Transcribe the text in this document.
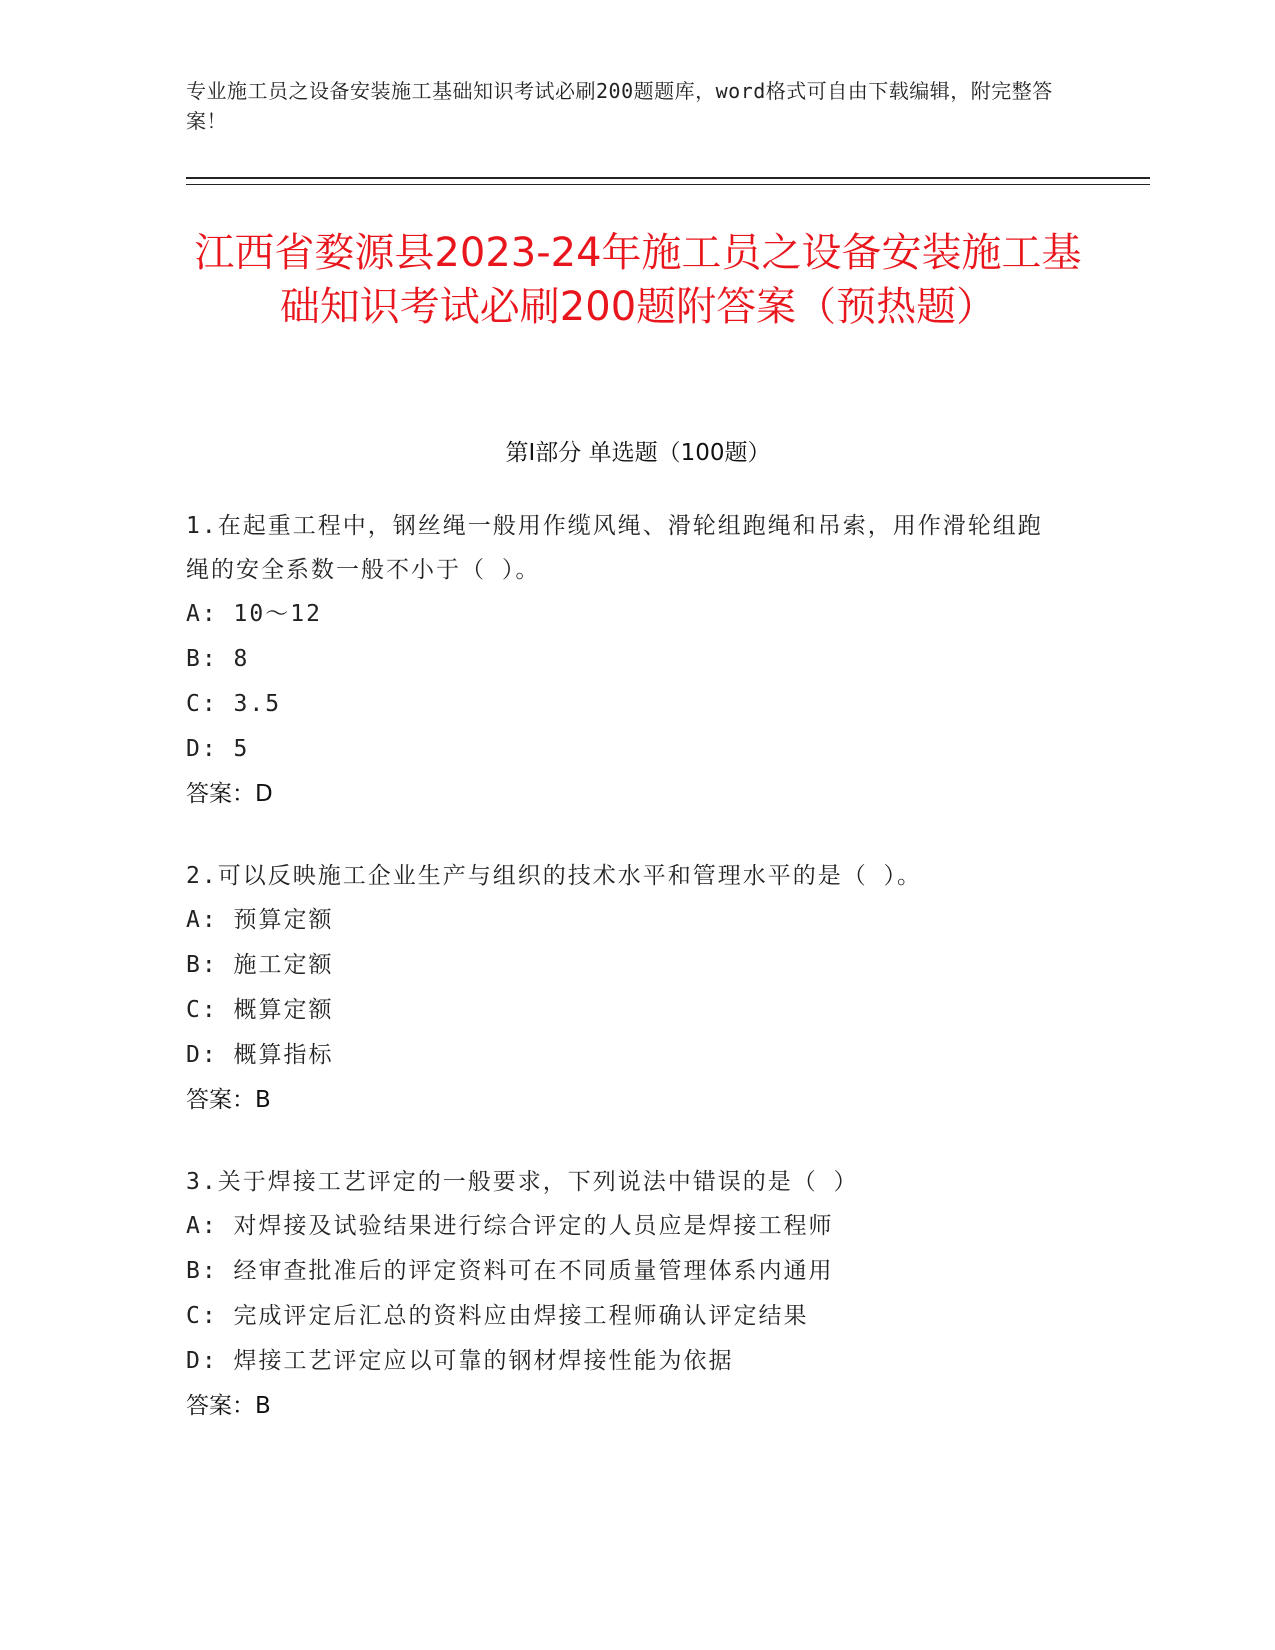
专业施工员之设备安装施工基础知识考试必刷200题题库，word格式可自由下载编辑，附完整答案！
江西省婺源县2023-24年施工员之设备安装施工基础知识考试必刷200题附答案（预热题）
第I部分 单选题（100题）

1.在起重工程中，钢丝绳一般用作缆风绳、滑轮组跑绳和吊索，用作滑轮组跑绳的安全系数一般不小于（ ）。

A: 10～12

B: 8

C: 3.5

D: 5

答案：D

2.可以反映施工企业生产与组织的技术水平和管理水平的是（ ）。

A: 预算定额

B: 施工定额

C: 概算定额

D: 概算指标

答案：B

3.关于焊接工艺评定的一般要求，下列说法中错误的是（ ）

A: 对焊接及试验结果进行综合评定的人员应是焊接工程师

B: 经审查批准后的评定资料可在不同质量管理体系内通用

C: 完成评定后汇总的资料应由焊接工程师确认评定结果

D: 焊接工艺评定应以可靠的钢材焊接性能为依据

答案：B
